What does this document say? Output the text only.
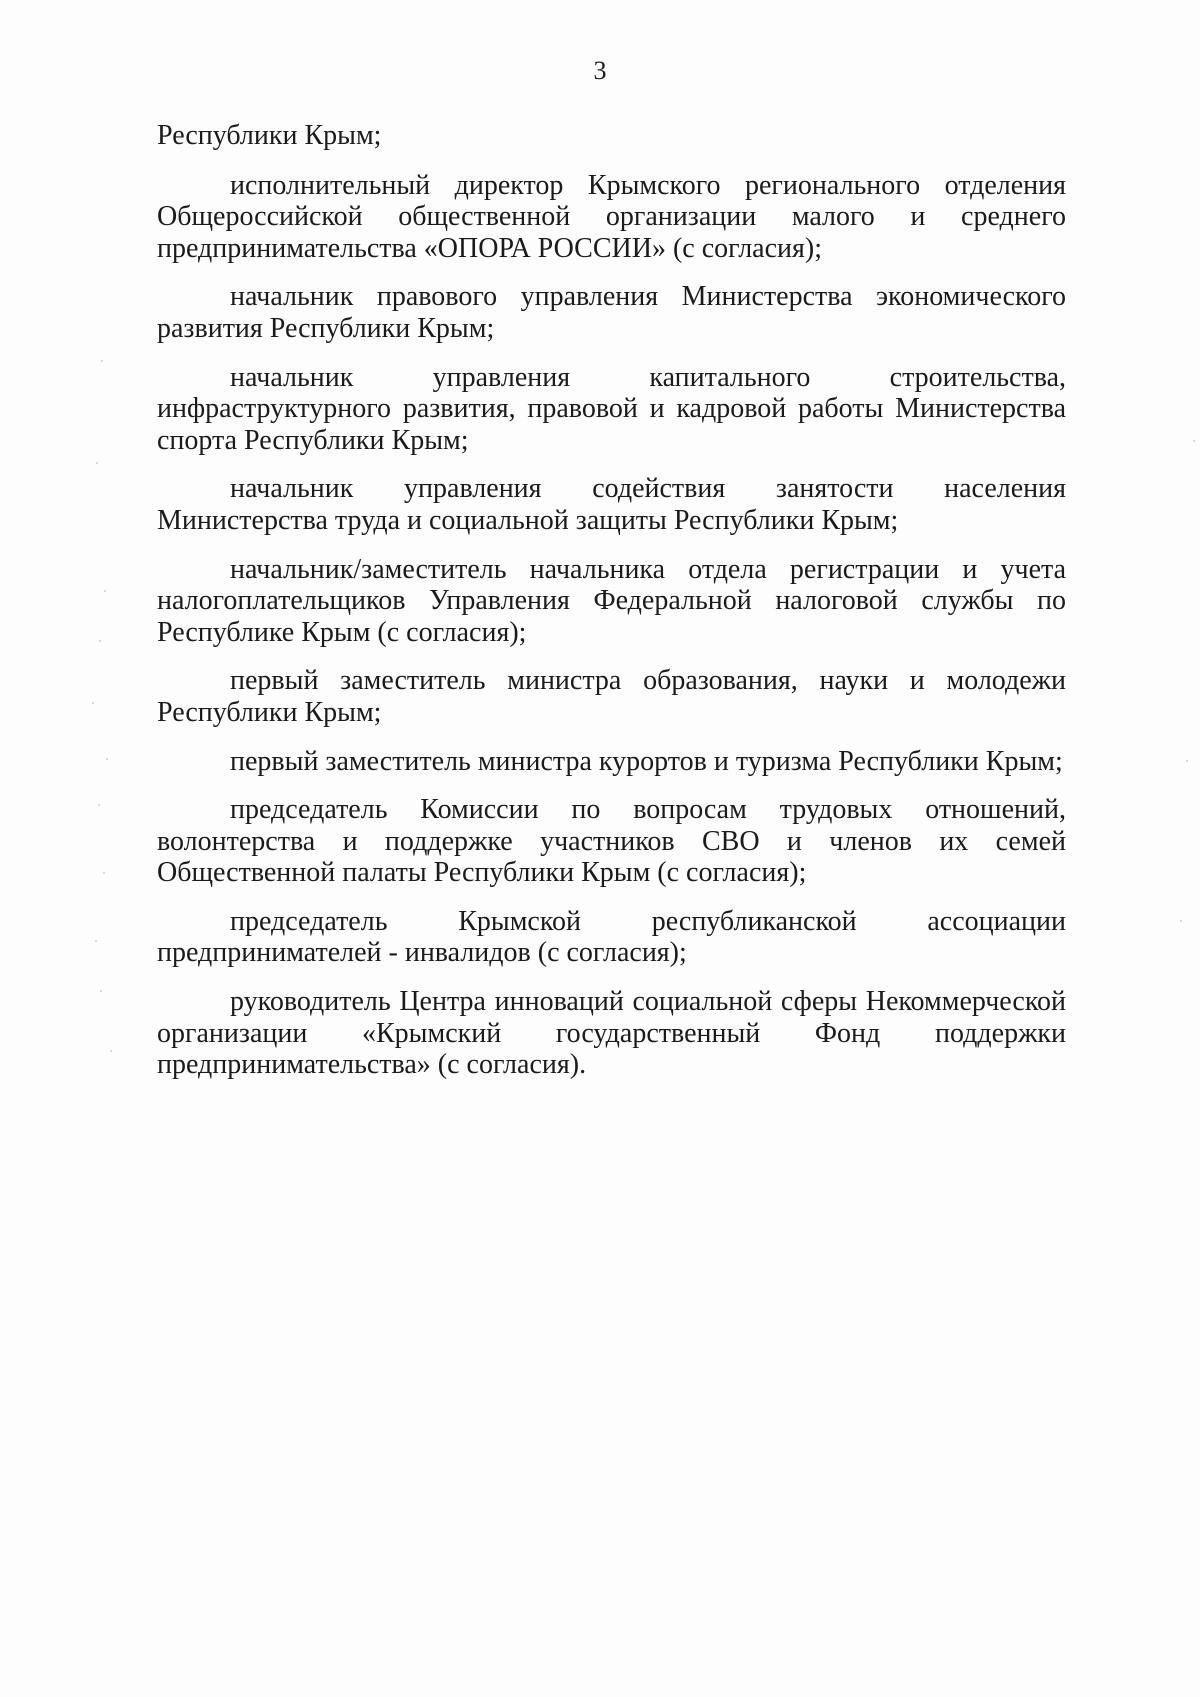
3

Республики Крым;

исполнительный директор Крымского регионального отделения Общероссийской общественной организации малого и среднего предпринимательства «ОПОРА РОССИИ» (с согласия);

начальник правового управления Министерства экономического развития Республики Крым;

начальник управления капитального строительства, инфраструктурного развития, правовой и кадровой работы Министерства спорта Республики Крым;

начальник управления содействия занятости населения Министерства труда и социальной защиты Республики Крым;

начальник/заместитель начальника отдела регистрации и учета налогоплательщиков Управления Федеральной налоговой службы по Республике Крым (с согласия);

первый заместитель министра образования, науки и молодежи Республики Крым;

первый заместитель министра курортов и туризма Республики Крым;

председатель Комиссии по вопросам трудовых отношений, волонтерства и поддержке участников СВО и членов их семей Общественной палаты Республики Крым (с согласия);

председатель Крымской республиканской ассоциации предпринимателей - инвалидов (с согласия);

руководитель Центра инноваций социальной сферы Некоммерческой организации «Крымский государственный Фонд поддержки предпринимательства» (с согласия).
